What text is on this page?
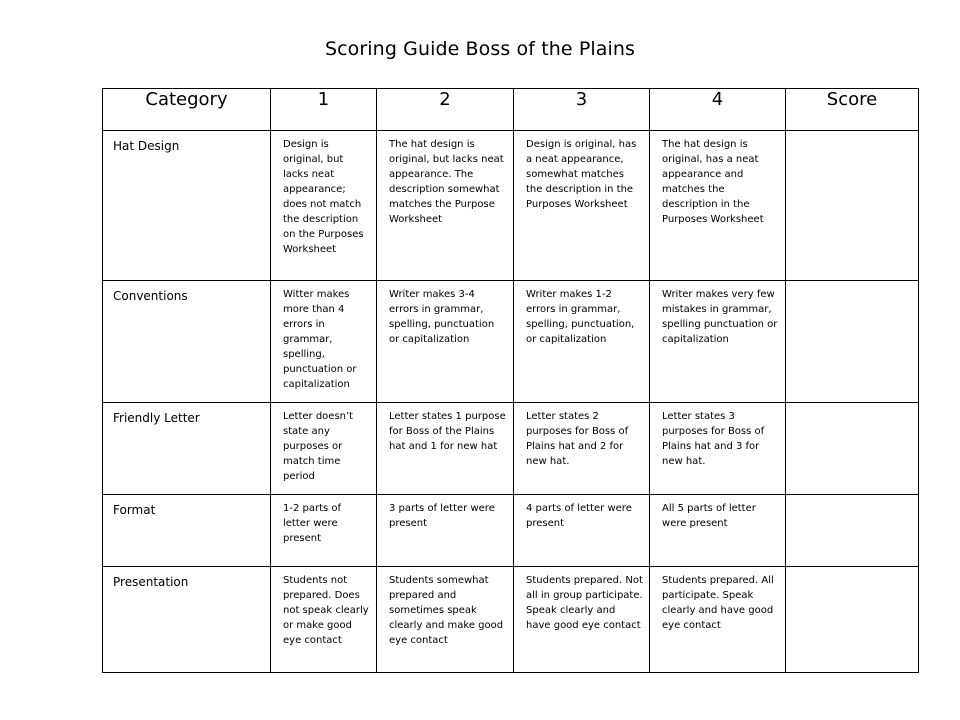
Scoring Guide Boss of the Plains
Category	1	2	3	4	Score
Hat Design	Design is original, but lacks neat appearance; does not match the description on the Purposes Worksheet	The hat design is original, but lacks neat appearance. The description somewhat matches the Purpose Worksheet	Design is original, has a neat appearance, somewhat matches the description in the Purposes Worksheet	The hat design is original, has a neat appearance and matches the description in the Purposes Worksheet	
Conventions	Witter makes more than 4 errors in grammar, spelling, punctuation or capitalization	Writer makes 3-4 errors in grammar, spelling, punctuation or capitalization	Writer makes 1-2 errors in grammar, spelling, punctuation, or capitalization	Writer makes very few mistakes in grammar, spelling punctuation or capitalization	
Friendly Letter	Letter doesn’t state any purposes or match time period	Letter states 1 purpose for Boss of the Plains hat and 1 for new hat	Letter states 2 purposes for Boss of Plains hat and 2 for new hat.	Letter states 3 purposes for Boss of Plains hat and 3 for new hat.	
Format	1-2 parts of letter were present	3 parts of letter were present	4 parts of letter were present	All 5 parts of letter were present	
Presentation	Students not prepared. Does not speak clearly or make good eye contact	Students somewhat prepared and sometimes speak clearly and make good eye contact	Students prepared. Not all in group participate. Speak clearly and have good eye contact	Students prepared. All participate. Speak clearly and have good eye contact	
